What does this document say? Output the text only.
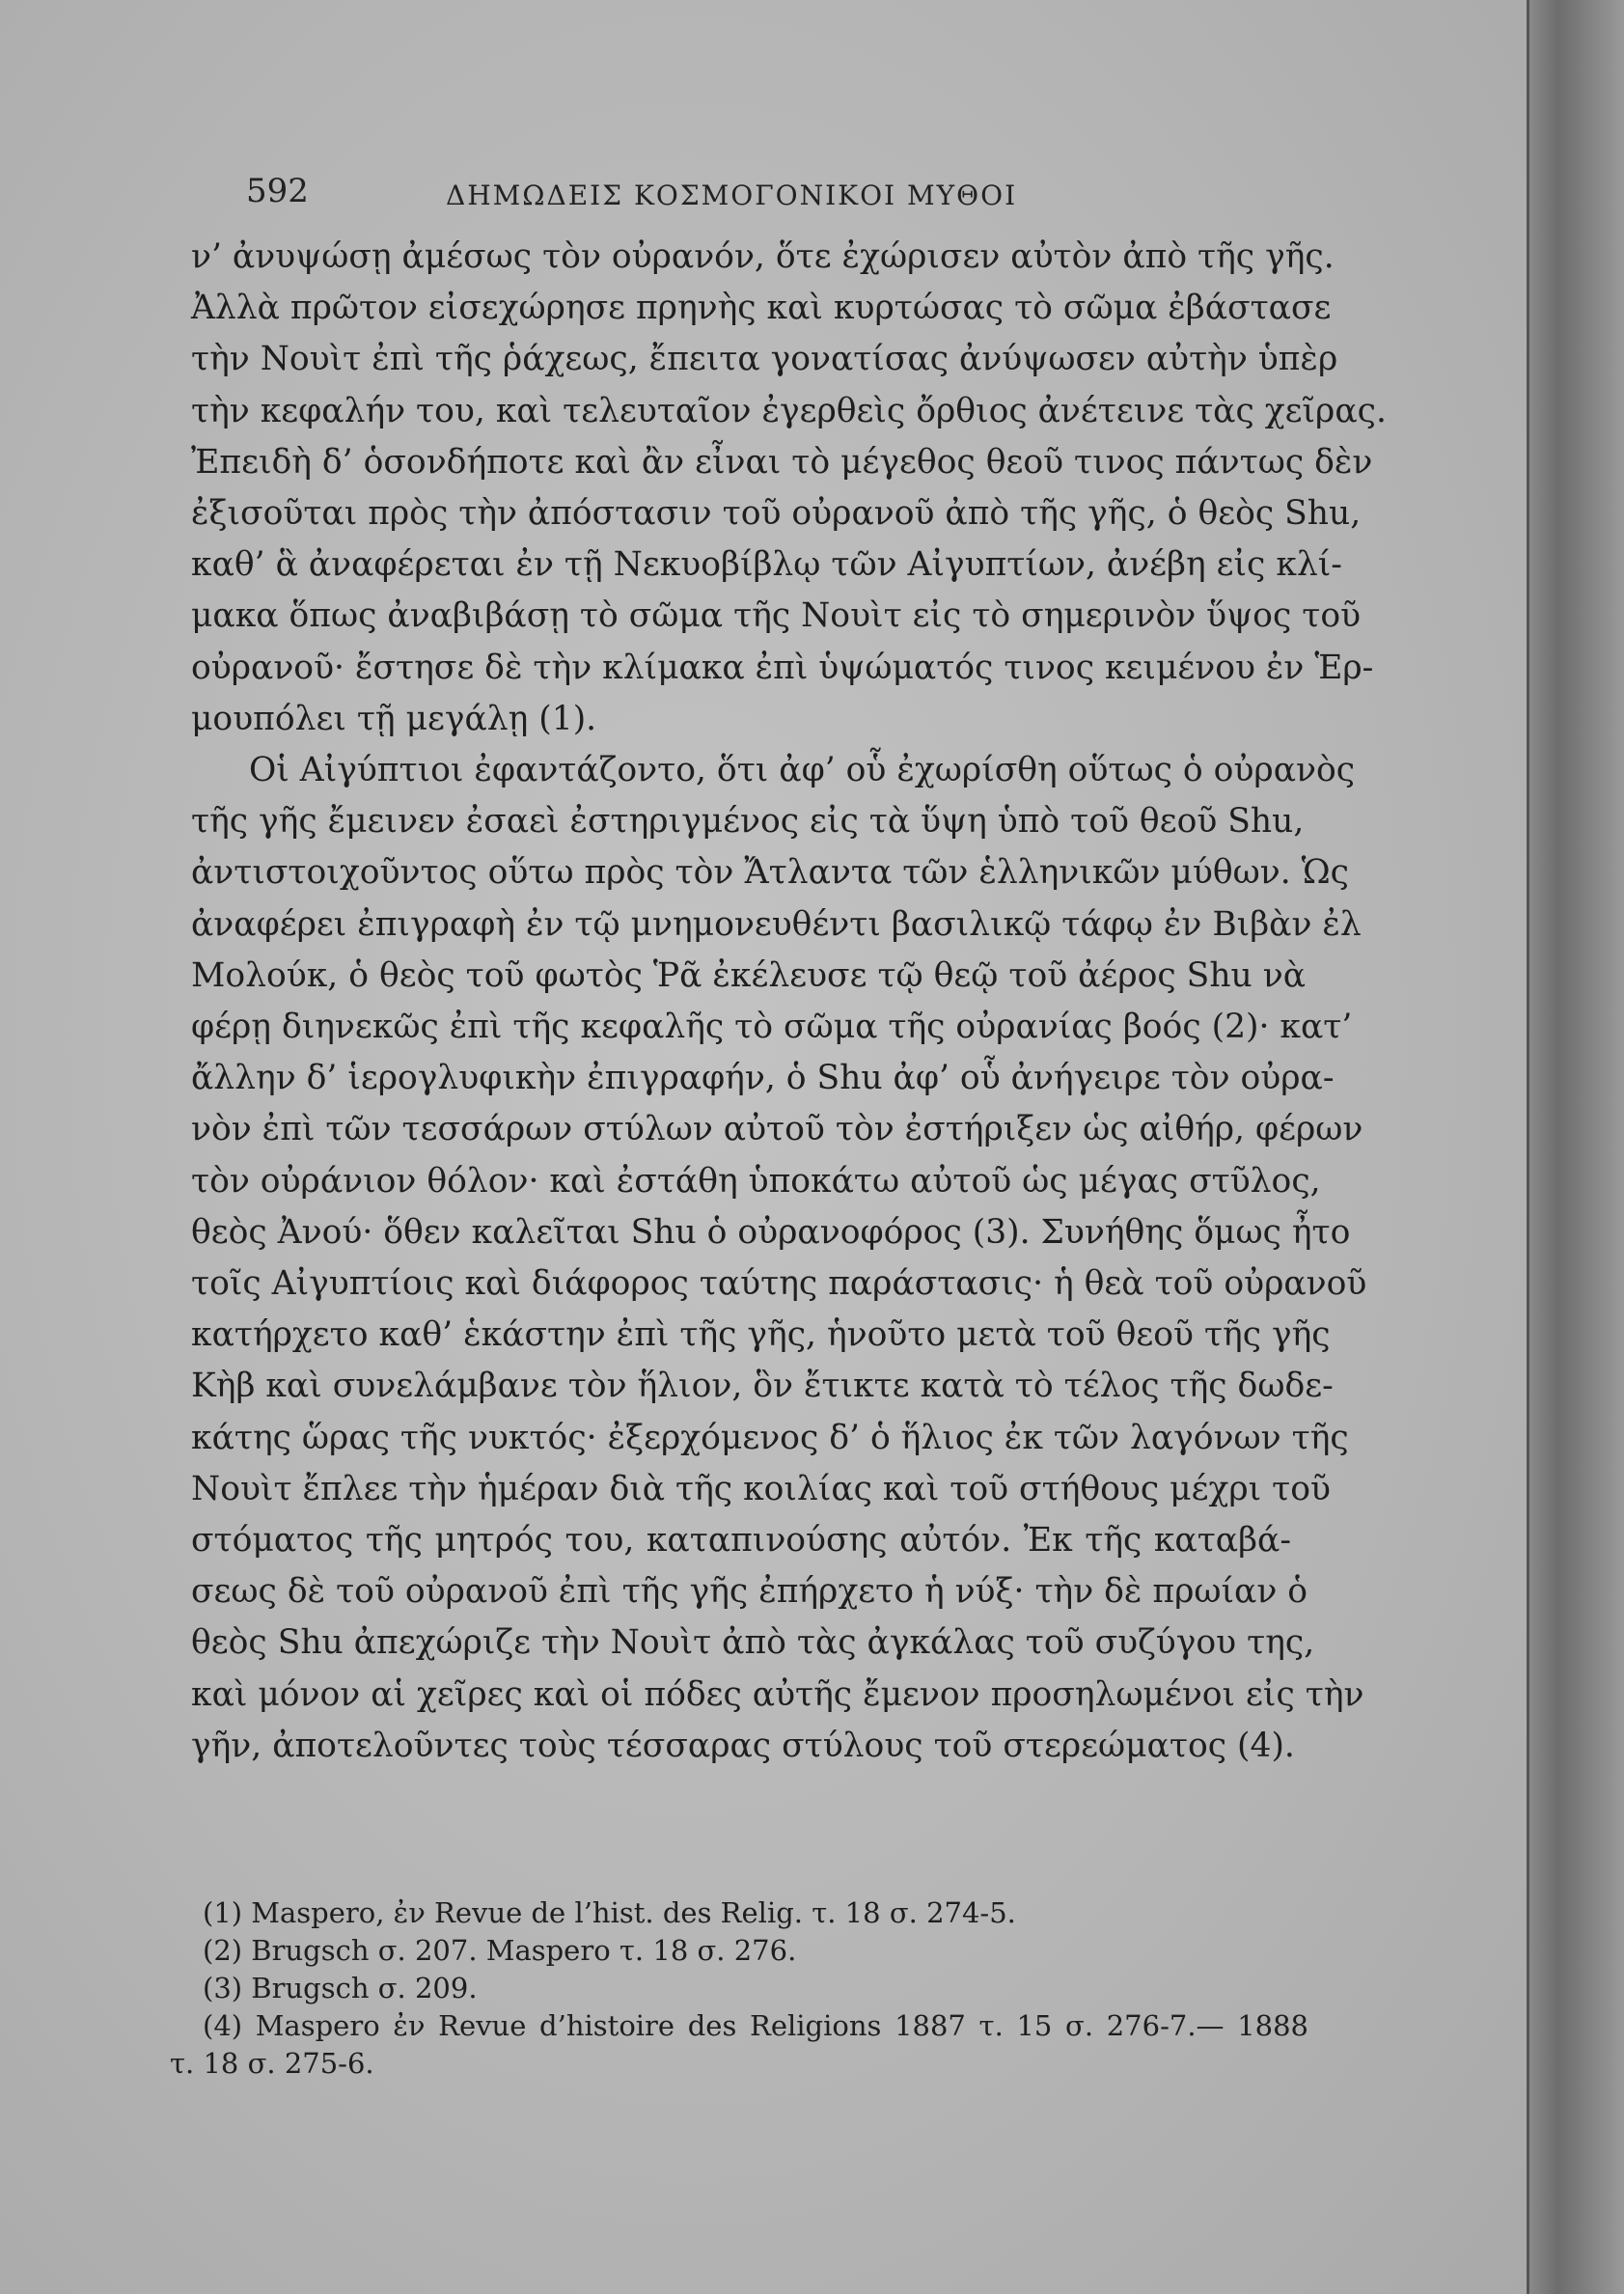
592	ΔΗΜΩΔΕΙΣ ΚΟΣΜΟΓΟΝΙΚΟΙ ΜΥΘΟΙ
ν’ ἀνυψώσῃ ἀμέσως τὸν οὐρανόν, ὅτε ἐχώρισεν αὐτὸν ἀπὸ τῆς γῆς.
Ἀλλὰ πρῶτον εἰσεχώρησε πρηνὴς καὶ κυρτώσας τὸ σῶμα ἐβάστασε
τὴν Νουὶτ ἐπὶ τῆς ῥάχεως, ἔπειτα γονατίσας ἀνύψωσεν αὐτὴν ὑπὲρ
τὴν κεφαλήν του, καὶ τελευταῖον ἐγερθεὶς ὄρθιος ἀνέτεινε τὰς χεῖρας.
Ἐπειδὴ δ’ ὁσονδήποτε καὶ ἂν εἶναι τὸ μέγεθος θεοῦ τινος πάντως δὲν
ἐξισοῦται πρὸς τὴν ἀπόστασιν τοῦ οὐρανοῦ ἀπὸ τῆς γῆς, ὁ θεὸς Shu,
καθ’ ἃ ἀναφέρεται ἐν τῇ Νεκυοβίβλῳ τῶν Αἰγυπτίων, ἀνέβη εἰς κλί-
μακα ὅπως ἀναβιβάσῃ τὸ σῶμα τῆς Νουὶτ εἰς τὸ σημερινὸν ὕψος τοῦ
οὐρανοῦ· ἔστησε δὲ τὴν κλίμακα ἐπὶ ὑψώματός τινος κειμένου ἐν Ἑρ-
μουπόλει τῇ μεγάλῃ (1).
Οἱ Αἰγύπτιοι ἐφαντάζοντο, ὅτι ἀφ’ οὗ ἐχωρίσθη οὕτως ὁ οὐρανὸς
τῆς γῆς ἔμεινεν ἐσαεὶ ἐστηριγμένος εἰς τὰ ὕψη ὑπὸ τοῦ θεοῦ Shu,
ἀντιστοιχοῦντος οὕτω πρὸς τὸν Ἄτλαντα τῶν ἑλληνικῶν μύθων. Ὡς
ἀναφέρει ἐπιγραφὴ ἐν τῷ μνημονευθέντι βασιλικῷ τάφῳ ἐν Βιβὰν ἐλ
Μολούκ, ὁ θεὸς τοῦ φωτὸς Ῥᾶ ἐκέλευσε τῷ θεῷ τοῦ ἀέρος Shu νὰ
φέρῃ διηνεκῶς ἐπὶ τῆς κεφαλῆς τὸ σῶμα τῆς οὐρανίας βοός (2)· κατ’
ἄλλην δ’ ἱερογλυφικὴν ἐπιγραφήν, ὁ Shu ἀφ’ οὗ ἀνήγειρε τὸν οὐρα-
νὸν ἐπὶ τῶν τεσσάρων στύλων αὐτοῦ τὸν ἐστήριξεν ὡς αἰθήρ, φέρων
τὸν οὐράνιον θόλον· καὶ ἐστάθη ὑποκάτω αὐτοῦ ὡς μέγας στῦλος,
θεὸς Ἀνού· ὅθεν καλεῖται Shu ὁ οὐρανοφόρος (3). Συνήθης ὅμως ἦτο
τοῖς Αἰγυπτίοις καὶ διάφορος ταύτης παράστασις· ἡ θεὰ τοῦ οὐρανοῦ
κατήρχετο καθ’ ἑκάστην ἐπὶ τῆς γῆς, ἡνοῦτο μετὰ τοῦ θεοῦ τῆς γῆς
Κὴβ καὶ συνελάμβανε τὸν ἥλιον, ὃν ἔτικτε κατὰ τὸ τέλος τῆς δωδε-
κάτης ὥρας τῆς νυκτός· ἐξερχόμενος δ’ ὁ ἥλιος ἐκ τῶν λαγόνων τῆς
Νουὶτ ἔπλεε τὴν ἡμέραν διὰ τῆς κοιλίας καὶ τοῦ στήθους μέχρι τοῦ
στόματος τῆς μητρός του, καταπινούσης αὐτόν. Ἐκ τῆς καταβά-
σεως δὲ τοῦ οὐρανοῦ ἐπὶ τῆς γῆς ἐπήρχετο ἡ νύξ· τὴν δὲ πρωίαν ὁ
θεὸς Shu ἀπεχώριζε τὴν Νουὶτ ἀπὸ τὰς ἀγκάλας τοῦ συζύγου της,
καὶ μόνον αἱ χεῖρες καὶ οἱ πόδες αὐτῆς ἔμενον προσηλωμένοι εἰς τὴν
γῆν, ἀποτελοῦντες τοὺς τέσσαρας στύλους τοῦ στερεώματος (4).
(1) Maspero, ἐν Revue de l’hist. des Relig. τ. 18 σ. 274-5.
(2) Brugsch σ. 207. Maspero τ. 18 σ. 276.
(3) Brugsch σ. 209.
(4) Maspero ἐν Revue d’histoire des Religions 1887 τ. 15 σ. 276-7.— 1888
τ. 18 σ. 275-6.
